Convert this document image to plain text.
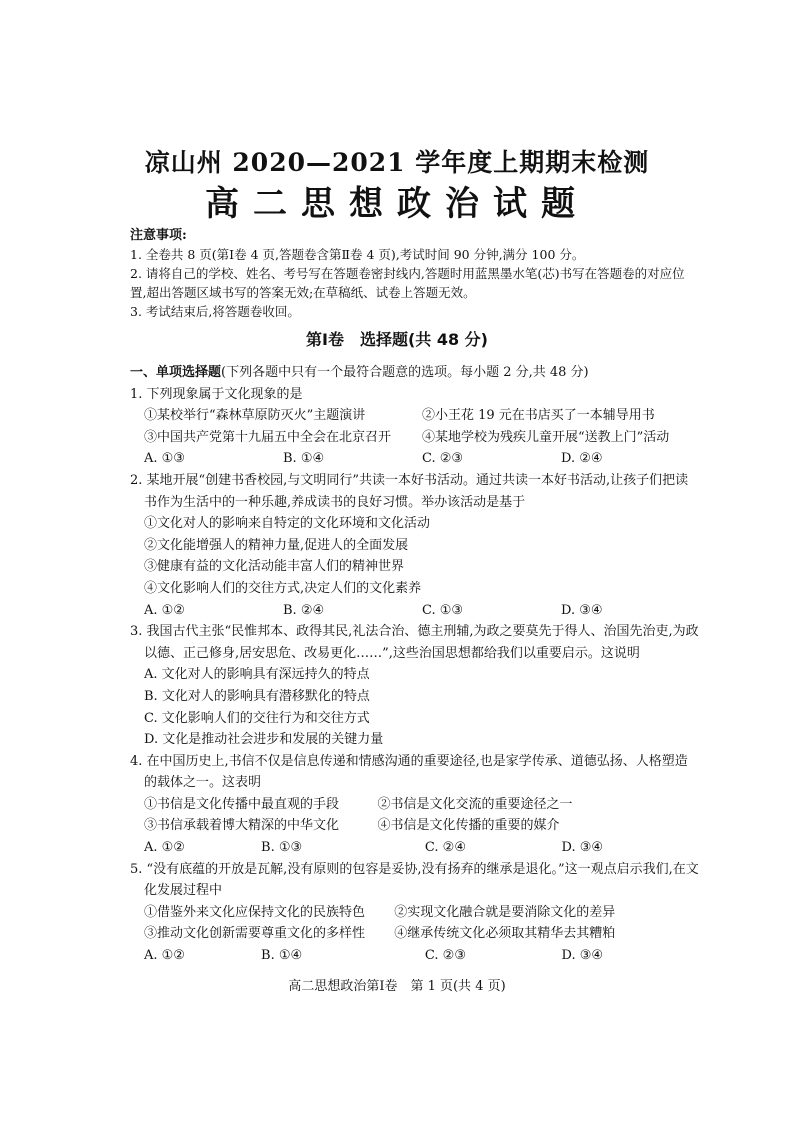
凉山州 2020—2021 学年度上期期末检测
高二思想政治试题

注意事项:

1. 全卷共 8 页(第Ⅰ卷 4 页,答题卷含第Ⅱ卷 4 页),考试时间 90 分钟,满分 100 分。

2. 请将自己的学校、姓名、考号写在答题卷密封线内,答题时用蓝黑墨水笔(芯)书写在答题卷的对应位置,超出答题区域书写的答案无效;在草稿纸、试卷上答题无效。

3. 考试结束后,将答题卷收回。

第Ⅰ卷　选择题(共 48 分)

一、单项选择题(下列各题中只有一个最符合题意的选项。每小题 2 分,共 48 分)

1. 下列现象属于文化现象的是

①某校举行“森林草原防灭火”主题演讲	②小王花 19 元在书店买了一本辅导用书
③中国共产党第十九届五中全会在北京召开	④某地学校为残疾儿童开展“送教上门”活动
A. ①③	B. ①④	C. ②③	D. ②④

2. 某地开展“创建书香校园,与文明同行”共读一本好书活动。通过共读一本好书活动,让孩子们把读书作为生活中的一种乐趣,养成读书的良好习惯。举办该活动是基于

①文化对人的影响来自特定的文化环境和文化活动

②文化能增强人的精神力量,促进人的全面发展

③健康有益的文化活动能丰富人们的精神世界

④文化影响人们的交往方式,决定人们的文化素养

A. ①②	B. ②④	C. ①③	D. ③④

3. 我国古代主张“民惟邦本、政得其民,礼法合治、德主刑辅,为政之要莫先于得人、治国先治吏,为政以德、正己修身,居安思危、改易更化……”,这些治国思想都给我们以重要启示。这说明

A. 文化对人的影响具有深远持久的特点

B. 文化对人的影响具有潜移默化的特点

C. 文化影响人们的交往行为和交往方式

D. 文化是推动社会进步和发展的关键力量

4. 在中国历史上,书信不仅是信息传递和情感沟通的重要途径,也是家学传承、道德弘扬、人格塑造的载体之一。这表明

①书信是文化传播中最直观的手段	②书信是文化交流的重要途径之一
③书信承载着博大精深的中华文化	④书信是文化传播的重要的媒介
A. ①②	B. ①③	C. ②④	D. ③④

5. “没有底蕴的开放是瓦解,没有原则的包容是妥协,没有扬弃的继承是退化。”这一观点启示我们,在文化发展过程中

①借鉴外来文化应保持文化的民族特色	②实现文化融合就是要消除文化的差异
③推动文化创新需要尊重文化的多样性	④继承传统文化必须取其精华去其糟粕
A. ①②	B. ①④	C. ②③	D. ③④
高二思想政治第Ⅰ卷　第 1 页(共 4 页)
